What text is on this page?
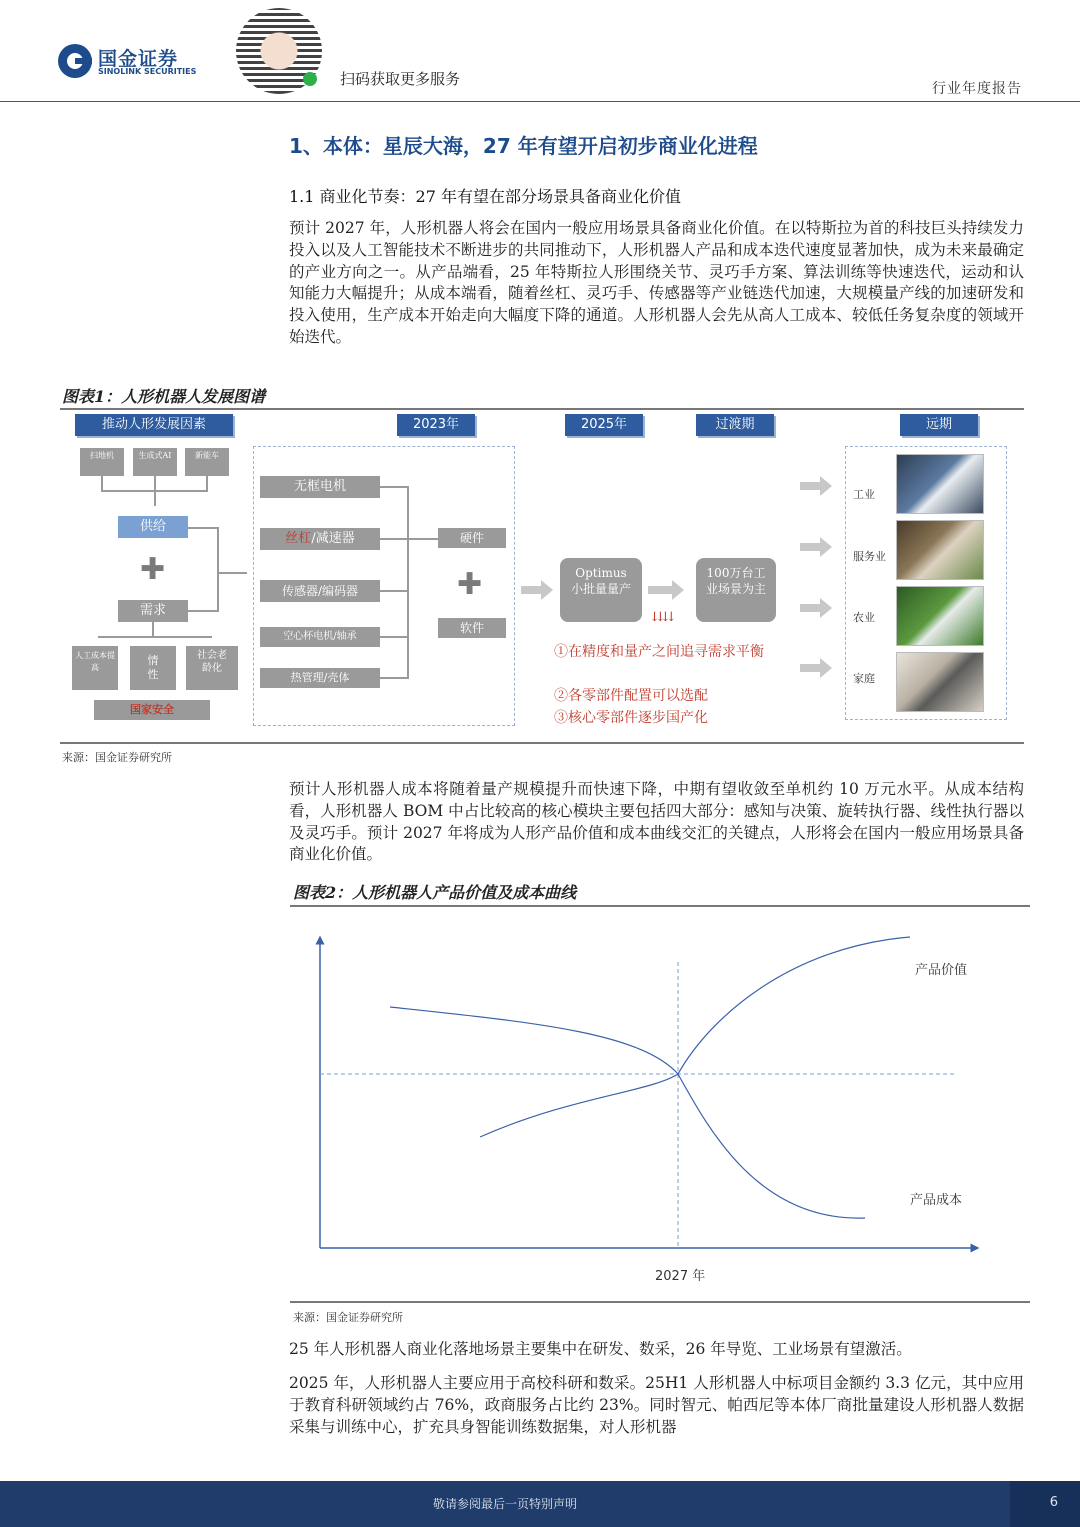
国金证券
SINOLINK SECURITIES	扫码获取更多服务
行业年度报告
1、本体：星辰大海，27 年有望开启初步商业化进程
1.1 商业化节奏：27 年有望在部分场景具备商业化价值
预计 2027 年，人形机器人将会在国内一般应用场景具备商业化价值。在以特斯拉为首的科技巨头持续发力投入以及人工智能技术不断进步的共同推动下，人形机器人产品和成本迭代速度显著加快，成为未来最确定的产业方向之一。从产品端看，25 年特斯拉人形围绕关节、灵巧手方案、算法训练等快速迭代，运动和认知能力大幅提升；从成本端看，随着丝杠、灵巧手、传感器等产业链迭代加速，大规模量产线的加速研发和投入使用，生产成本开始走向大幅度下降的通道。人形机器人会先从高人工成本、较低任务复杂度的领域开始迭代。
图表1：人形机器人发展图谱
推动人形发展因素	2023年	2025年	过渡期	远期
扫地机	生成式AI	新能车
供给
✚
需求
人工成本提高
情性
社会老龄化
国家安全
无框电机
丝杠/减速器
传感器/编码器
空心杯电机/轴承
热管理/壳体
硬件
✚
软件
Optimus小批量量产
100万台工业场景为主
⇊⇊
①在精度和量产之间追寻需求平衡
②各零部件配置可以选配
③核心零部件逐步国产化
工业
服务业
农业
家庭
来源：国金证券研究所
预计人形机器人成本将随着量产规模提升而快速下降，中期有望收敛至单机约 10 万元水平。从成本结构看，人形机器人 BOM 中占比较高的核心模块主要包括四大部分：感知与决策、旋转执行器、线性执行器以及灵巧手。预计 2027 年将成为人形产品价值和成本曲线交汇的关键点，人形将会在国内一般应用场景具备商业化价值。
图表2：人形机器人产品价值及成本曲线
产品价值
产品成本
2027 年
来源：国金证券研究所
25 年人形机器人商业化落地场景主要集中在研发、数采，26 年导览、工业场景有望激活。
2025 年，人形机器人主要应用于高校科研和数采。25H1 人形机器人中标项目金额约 3.3 亿元，其中应用于教育科研领域约占 76%，政商服务占比约 23%。同时智元、帕西尼等本体厂商批量建设人形机器人数据采集与训练中心，扩充具身智能训练数据集，对人形机器
敬请参阅最后一页特别声明	6
